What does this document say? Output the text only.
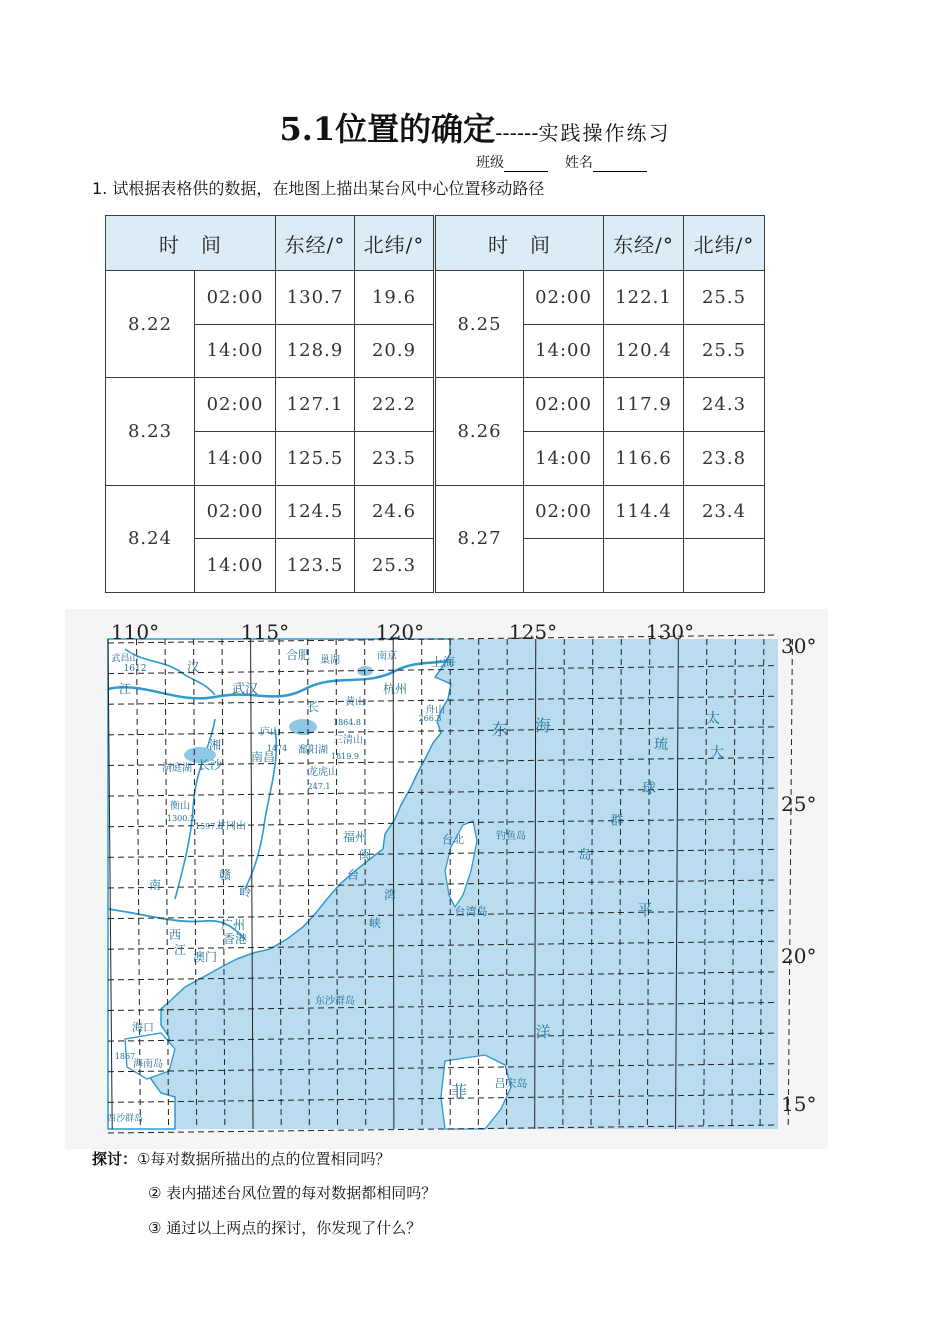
5.1位置的确定------实践操作练习
班级	姓名
1. 试根据表格供的数据，在地图上描出某台风中心位置移动路径
时　间		东经/°	北纬/°	时　间		东经/°	北纬/°
8.22	02:00	130.7	19.6	8.25	02:00	122.1	25.5
	14:00	128.9	20.9		14:00	120.4	25.5
8.23	02:00	127.1	22.2	8.26	02:00	117.9	24.3
	14:00	125.5	23.5		14:00	116.6	23.8
8.24	02:00	124.5	24.6	8.27	02:00	114.4	23.4
	14:00	123.5	25.3				
110°	115°	120°	125°	130°
30°
25°
20°
15°
武昌山
1612	汉
江	武汉
合肥 巢湖	南京	上海
杭州
黄山
1864.8
长
庐山
1474 鄱阳湖
南昌
三清山
1819.9
洞庭湖 长沙
湘
龙虎山
247.1
衡山
1300.2
井冈山
1597.6
福州	台北	钓鱼岛
舟山
266.3
东 海
琉
球
群
岛
大
赣
闽
台
湾
峡
台湾岛
南	岭
广州
香港
澳门
西
江
东沙群岛
海口
海南岛
西沙群岛
平
洋
菲 吕宋岛
1867
太
探讨：①每对数据所描出的点的位置相同吗？
② 表内描述台风位置的每对数据都相同吗？
③ 通过以上两点的探讨，你发现了什么？
